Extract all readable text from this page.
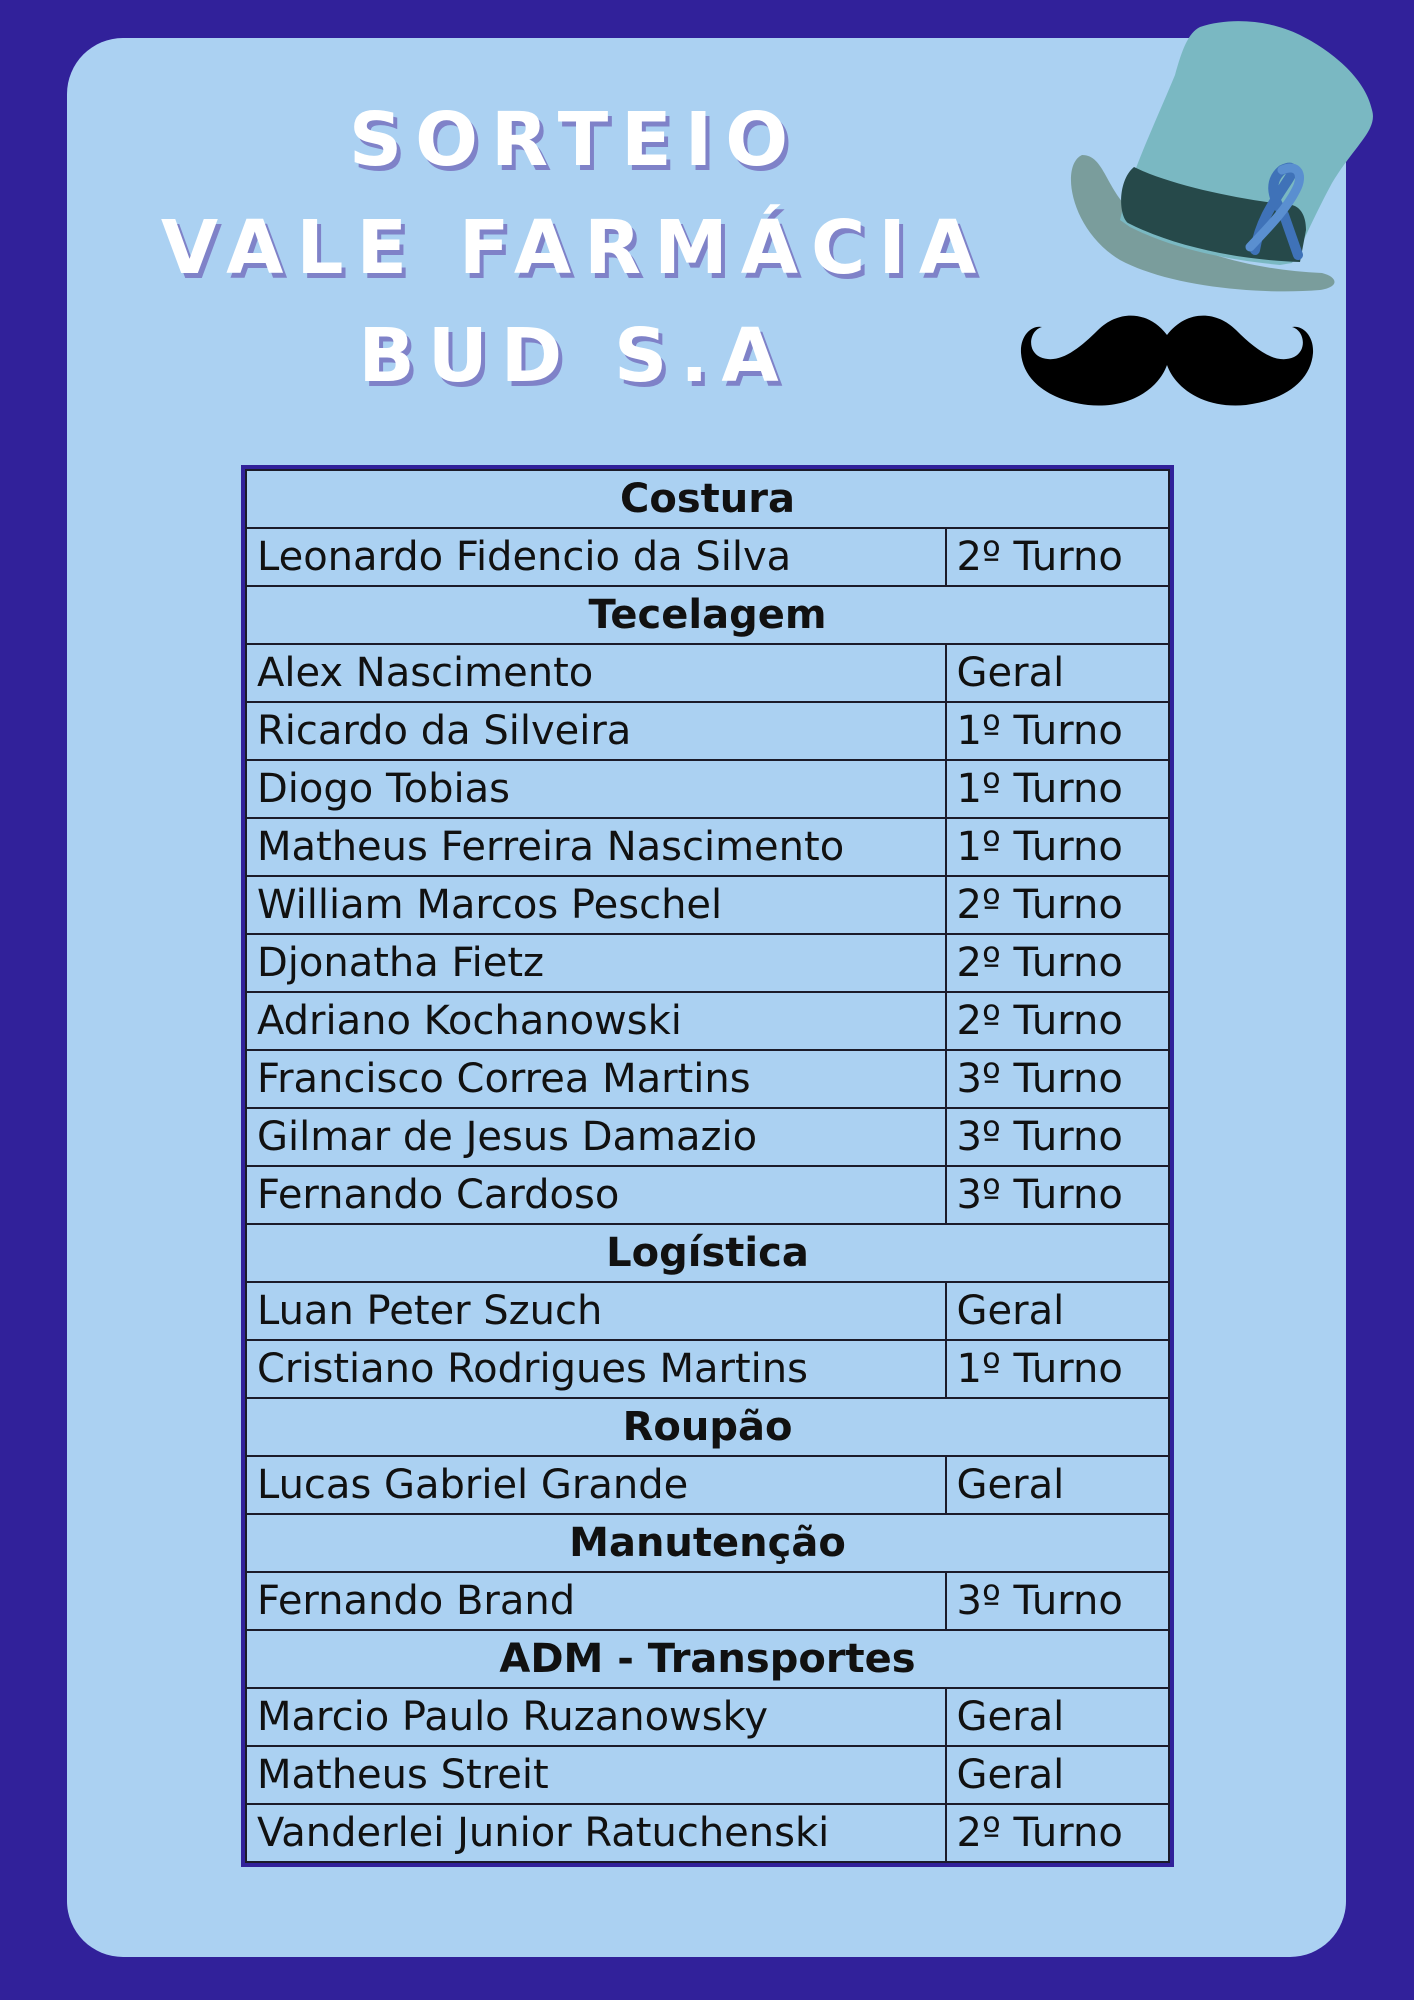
SORTEIO
VALE FARMÁCIA
BUD S.A
Costura	
Leonardo Fidencio da Silva	2º Turno
Tecelagem	
Alex Nascimento	Geral
Ricardo da Silveira	1º Turno
Diogo Tobias	1º Turno
Matheus Ferreira Nascimento	1º Turno
William Marcos Peschel	2º Turno
Djonatha Fietz	2º Turno
Adriano Kochanowski	2º Turno
Francisco Correa Martins	3º Turno
Gilmar de Jesus Damazio	3º Turno
Fernando Cardoso	3º Turno
Logística	
Luan Peter Szuch	Geral
Cristiano Rodrigues Martins	1º Turno
Roupão	
Lucas Gabriel Grande	Geral
Manutenção	
Fernando Brand	3º Turno
ADM - Transportes	
Marcio Paulo Ruzanowsky	Geral
Matheus Streit	Geral
Vanderlei Junior Ratuchenski	2º Turno
